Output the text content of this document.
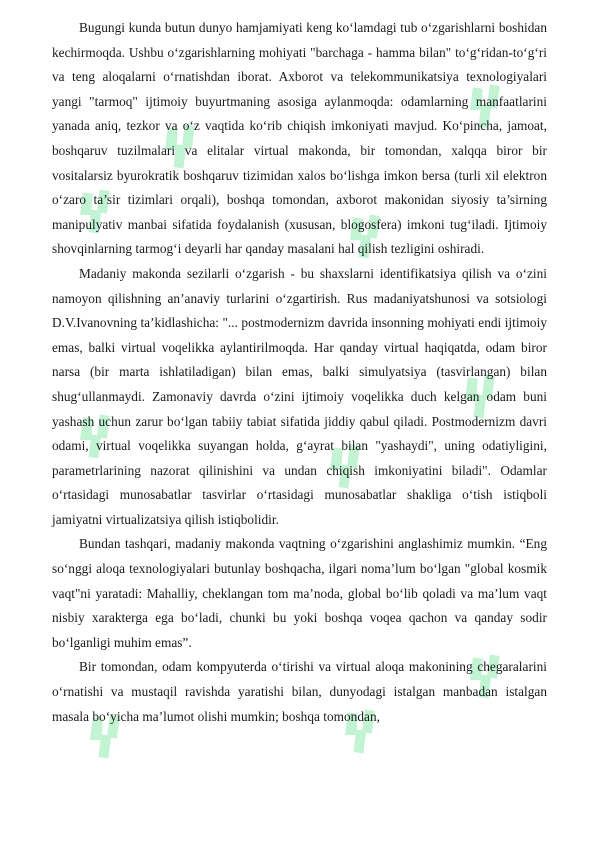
Bugungi kunda butun dunyo hamjamiyati keng ko‘lamdagi tub o‘zgarishlarni boshidan kechirmoqda. Ushbu o‘zgarishlarning mohiyati "barchaga - hamma bilan" to‘g‘ridan-to‘g‘ri va teng aloqalarni o‘rnatishdan iborat. Axborot va telekommunikatsiya texnologiyalari yangi "tarmoq" ijtimoiy buyurtmaning asosiga aylanmoqda: odamlarning manfaatlarini yanada aniq, tezkor va o‘z vaqtida ko‘rib chiqish imkoniyati mavjud. Ko‘pincha, jamoat, boshqaruv tuzilmalari va elitalar virtual makonda, bir tomondan, xalqqa biror bir vositalarsiz byurokratik boshqaruv tizimidan xalos bo‘lishga imkon bersa (turli xil elektron o‘zaro ta’sir tizimlari orqali), boshqa tomondan, axborot makonidan siyosiy ta’sirning manipulyativ manbai sifatida foydalanish (xususan, blogosfera) imkoni tug‘iladi. Ijtimoiy shovqinlarning tarmog‘i deyarli har qanday masalani hal qilish tezligini oshiradi.

Madaniy makonda sezilarli o‘zgarish - bu shaxslarni identifikatsiya qilish va o‘zini namoyon qilishning an’anaviy turlarini o‘zgartirish. Rus madaniyatshunosi va sotsiologi D.V.Ivanovning ta’kidlashicha: "... postmodernizm davrida insonning mohiyati endi ijtimoiy emas, balki virtual voqelikka aylantirilmoqda. Har qanday virtual haqiqatda, odam biror narsa (bir marta ishlatiladigan) bilan emas, balki simulyatsiya (tasvirlangan) bilan shug‘ullanmaydi. Zamonaviy davrda o‘zini ijtimoiy voqelikka duch kelgan odam buni yashash uchun zarur bo‘lgan tabiiy tabiat sifatida jiddiy qabul qiladi. Postmodernizm davri odami, virtual voqelikka suyangan holda, g‘ayrat bilan "yashaydi", uning odatiyligini, parametrlarining nazorat qilinishini va undan chiqish imkoniyatini biladi". Odamlar o‘rtasidagi munosabatlar tasvirlar o‘rtasidagi munosabatlar shakliga o‘tish istiqboli jamiyatni virtualizatsiya qilish istiqbolidir.

Bundan tashqari, madaniy makonda vaqtning o‘zgarishini anglashimiz mumkin. “Eng so‘nggi aloqa texnologiyalari butunlay boshqacha, ilgari noma’lum bo‘lgan "global kosmik vaqt"ni yaratadi: Mahalliy, cheklangan tom ma’noda, global bo‘lib qoladi va ma’lum vaqt nisbiy xarakterga ega bo‘ladi, chunki bu yoki boshqa voqea qachon va qanday sodir bo‘lganligi muhim emas”.

Bir tomondan, odam kompyuterda o‘tirishi va virtual aloqa makonining chegaralarini o‘rnatishi va mustaqil ravishda yaratishi bilan, dunyodagi istalgan manbadan istalgan masala bo‘yicha ma’lumot olishi mumkin; boshqa tomondan,
